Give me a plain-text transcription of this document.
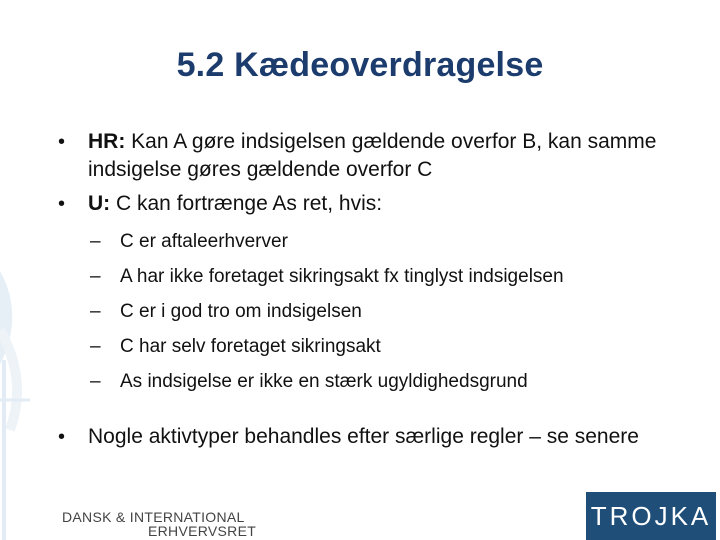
5.2 Kædeoverdragelse
• HR: Kan A gøre indsigelsen gældende overfor B, kan samme indsigelse gøres gældende overfor C
• U: C kan fortrænge As ret, hvis:
– C er aftaleerhverver
– A har ikke foretaget sikringsakt fx tinglyst indsigelsen
– C er i god tro om indsigelsen
– C har selv foretaget sikringsakt
– As indsigelse er ikke en stærk ugyldighedsgrund
• Nogle aktivtyper behandles efter særlige regler – se senere
DANSK & INTERNATIONAL
ERHVERVSRET
TROJKA
